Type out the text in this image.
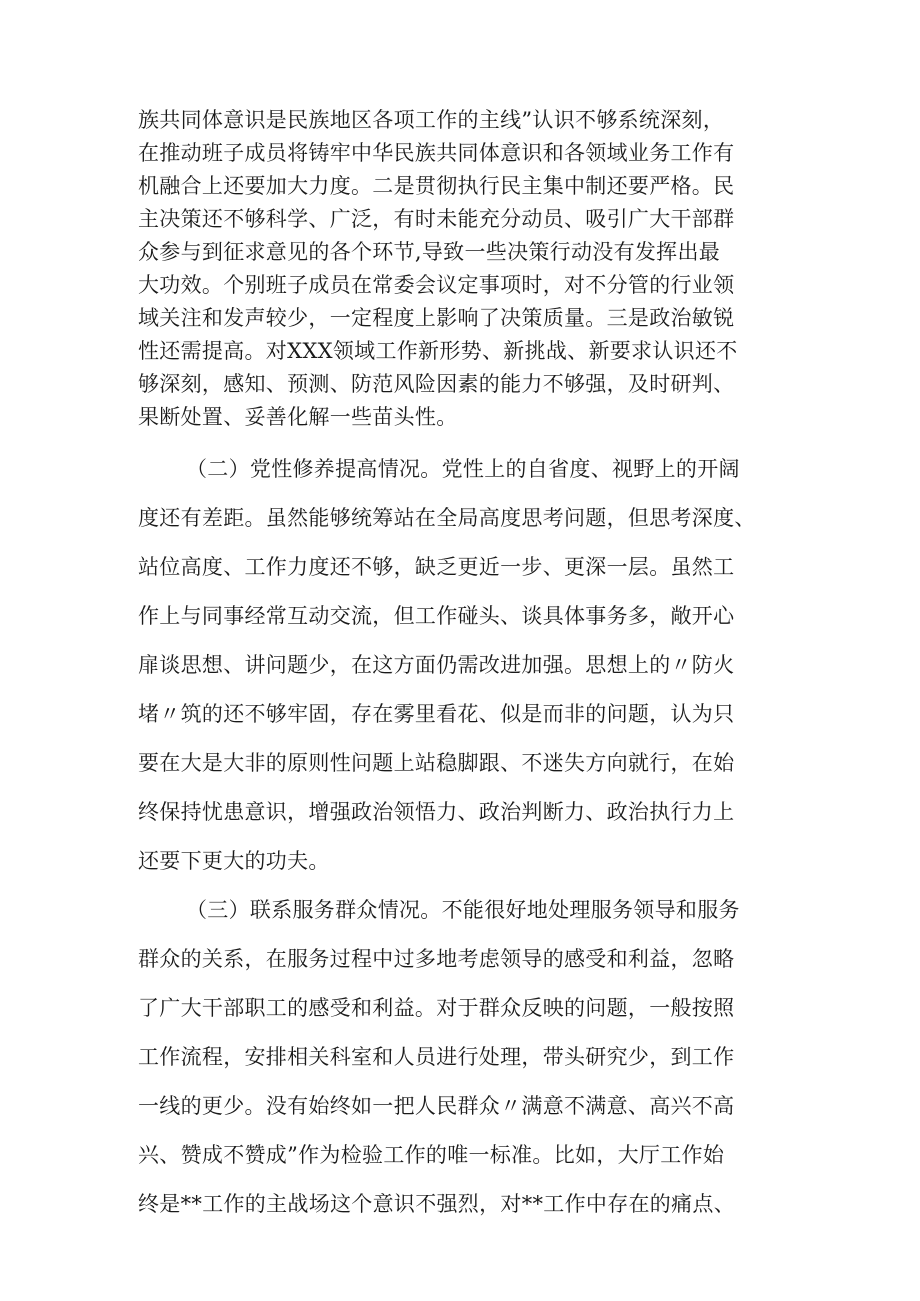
族共同体意识是民族地区各项工作的主线”认识不够系统深刻，
在推动班子成员将铸牢中华民族共同体意识和各领域业务工作有
机融合上还要加大力度。二是贯彻执行民主集中制还要严格。民
主决策还不够科学、广泛，有时未能充分动员、吸引广大干部群
众参与到征求意见的各个环节,导致一些决策行动没有发挥出最
大功效。个别班子成员在常委会议定事项时，对不分管的行业领
域关注和发声较少，一定程度上影响了决策质量。三是政治敏锐
性还需提高。对XXX领域工作新形势、新挑战、新要求认识还不
够深刻，感知、预测、防范风险因素的能力不够强，及时研判、
果断处置、妥善化解一些苗头性。
（二）党性修养提高情况。党性上的自省度、视野上的开阔
度还有差距。虽然能够统筹站在全局高度思考问题，但思考深度、
站位高度、工作力度还不够，缺乏更近一步、更深一层。虽然工
作上与同事经常互动交流，但工作碰头、谈具体事务多，敞开心
扉谈思想、讲问题少，在这方面仍需改进加强。思想上的〃防火
堵〃筑的还不够牢固，存在雾里看花、似是而非的问题，认为只
要在大是大非的原则性问题上站稳脚跟、不迷失方向就行，在始
终保持忧患意识，增强政治领悟力、政治判断力、政治执行力上
还要下更大的功夫。
（三）联系服务群众情况。不能很好地处理服务领导和服务
群众的关系，在服务过程中过多地考虑领导的感受和利益，忽略
了广大干部职工的感受和利益。对于群众反映的问题，一般按照
工作流程，安排相关科室和人员进行处理，带头研究少，到工作
一线的更少。没有始终如一把人民群众〃满意不满意、高兴不高
兴、赞成不赞成”作为检验工作的唯一标准。比如，大厅工作始
终是**工作的主战场这个意识不强烈，对**工作中存在的痛点、
